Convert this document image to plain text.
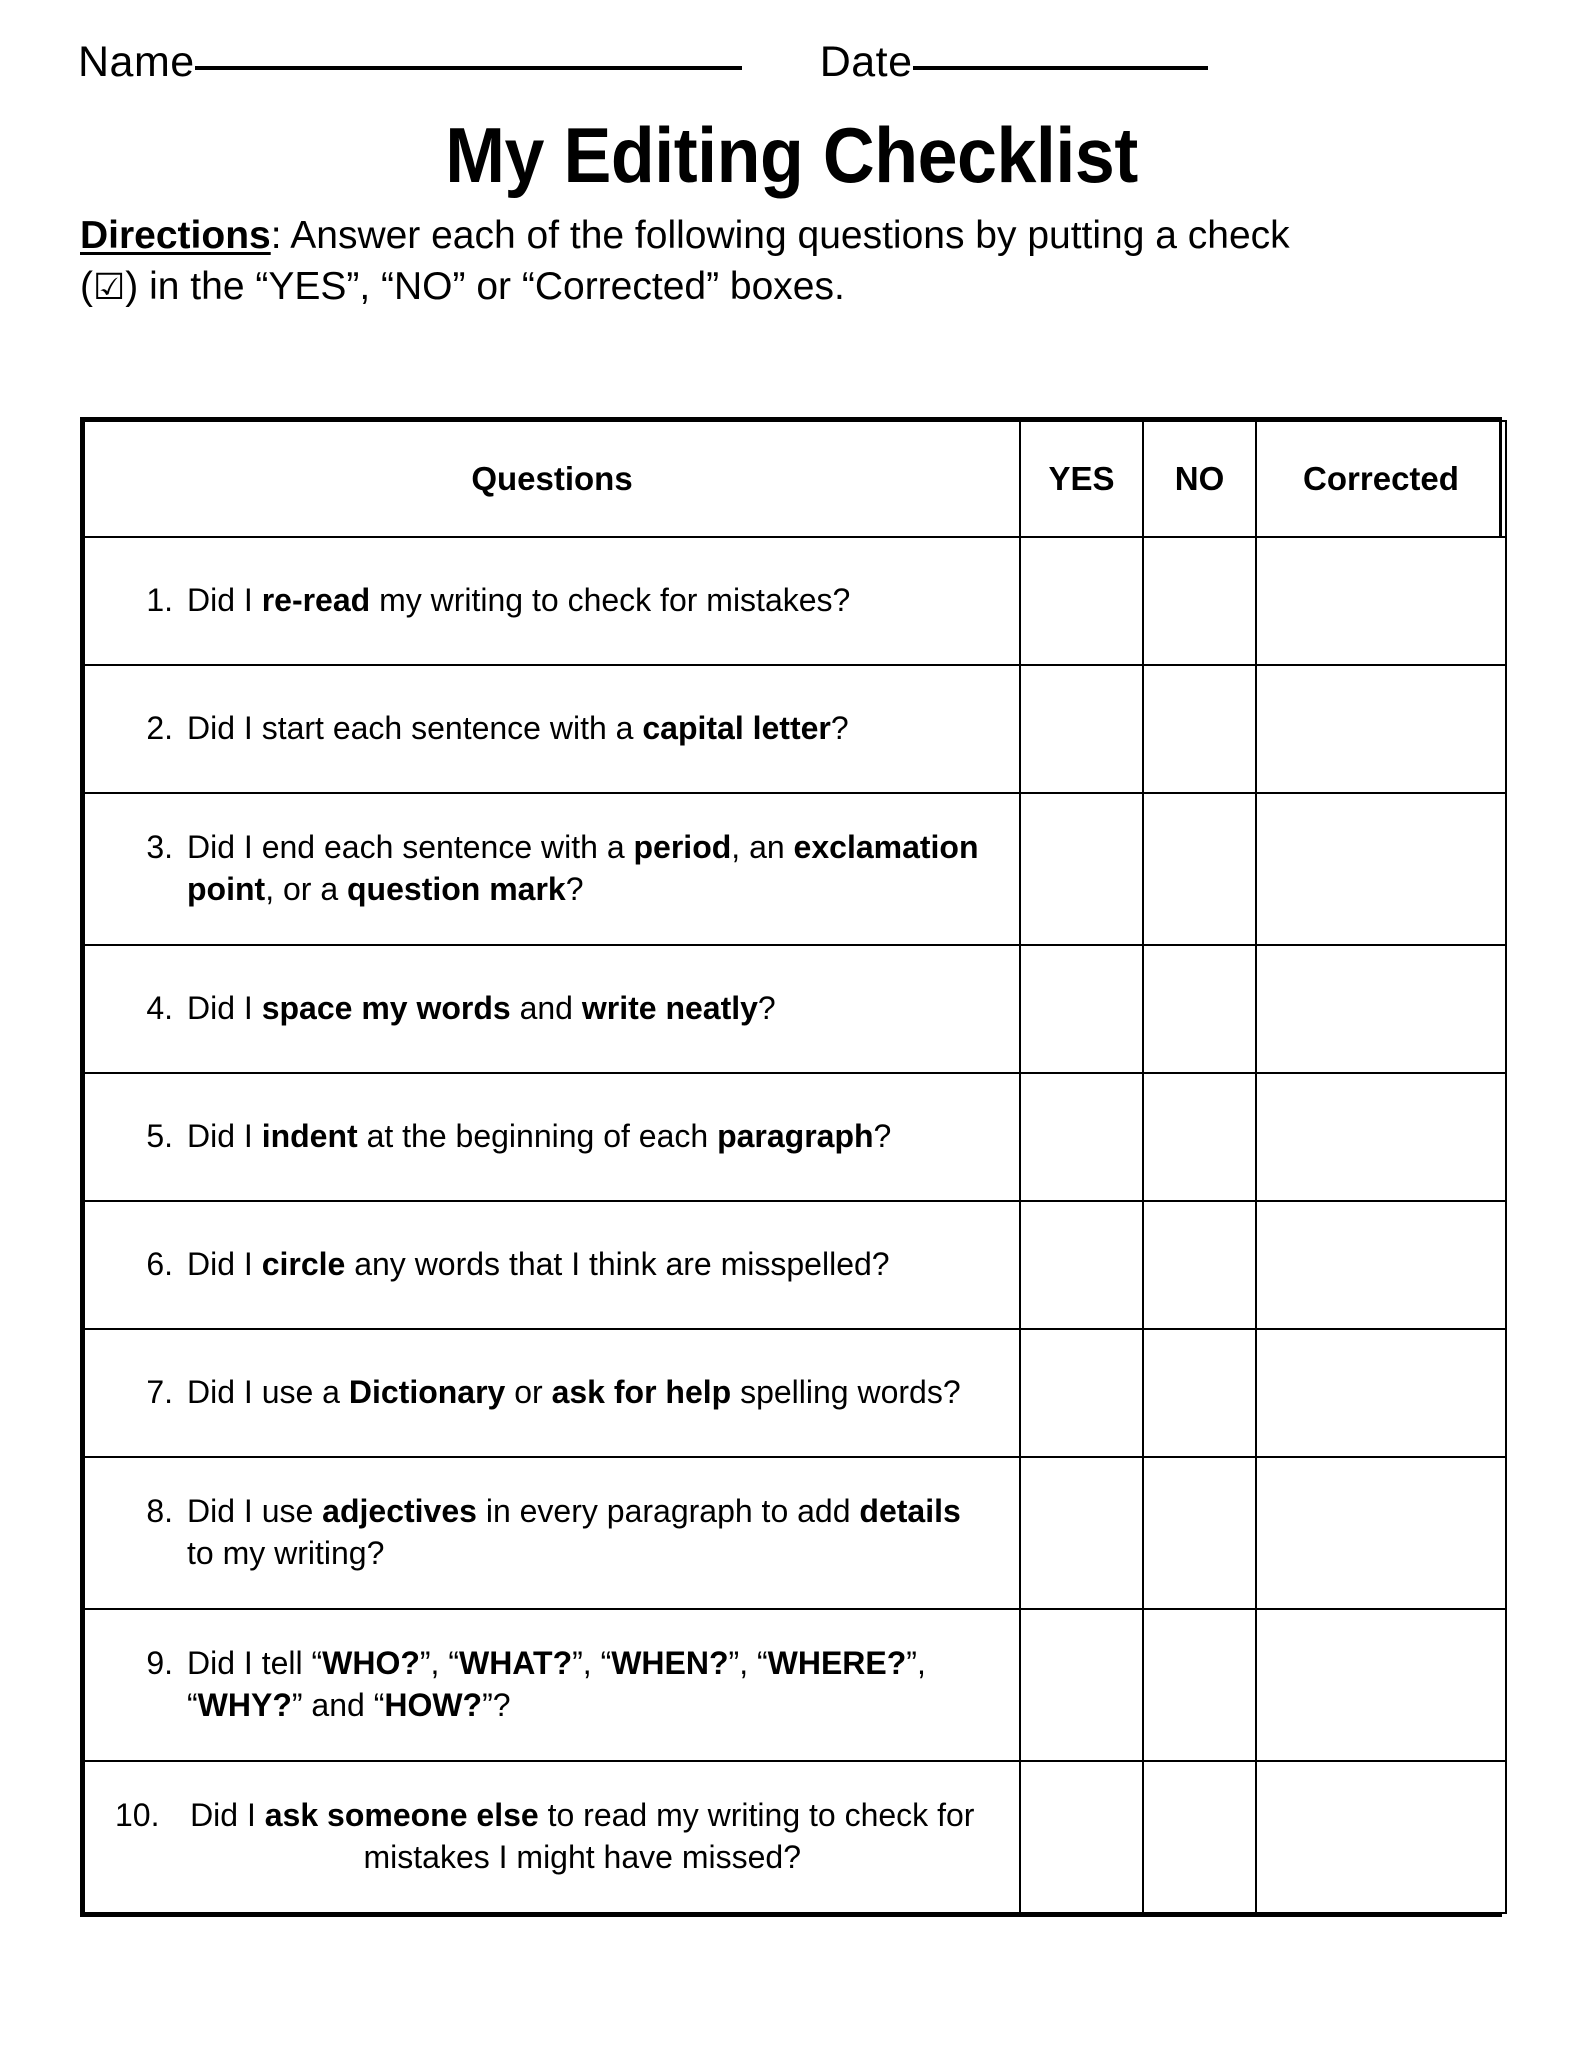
Name	Date
My Editing Checklist
Directions: Answer each of the following questions by putting a check
(☑) in the “YES”, “NO” or “Corrected” boxes.
Questions	YES	NO	Corrected

1. Did I re-read my writing to check for mistakes?			

2. Did I start each sentence with a capital letter?			

3. Did I end each sentence with a period, an exclamation point, or a question mark?			

4. Did I space my words and write neatly?			

5. Did I indent at the beginning of each paragraph?			

6. Did I circle any words that I think are misspelled?			

7. Did I use a Dictionary or ask for help spelling words?			

8. Did I use adjectives in every paragraph to add details to my writing?			

9. Did I tell “WHO?”, “WHAT?”, “WHEN?”, “WHERE?”, “WHY?” and “HOW?”?			

10. Did I ask someone else to read my writing to check for mistakes I might have missed?			
